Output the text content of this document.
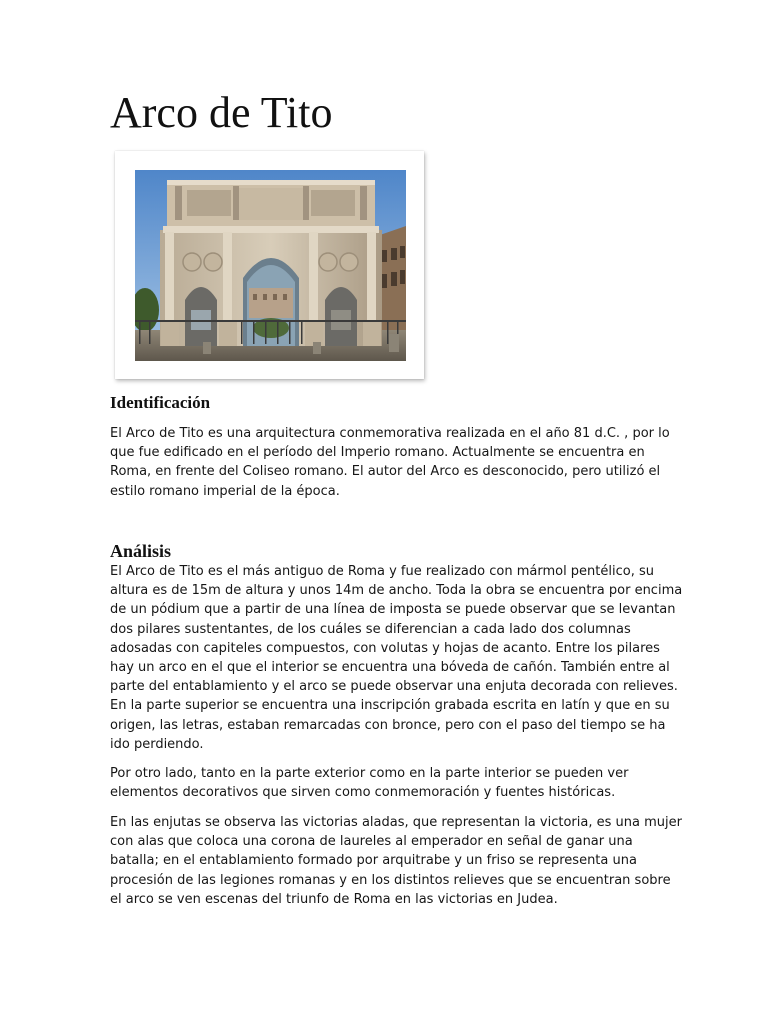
Arco de Tito
Identificación

El Arco de Tito es una arquitectura conmemorativa realizada en el año 81 d.C. , por lo
que fue edificado en el período del Imperio romano. Actualmente se encuentra en
Roma, en frente del Coliseo romano. El autor del Arco es desconocido, pero utilizó el
estilo romano imperial de la época.

Análisis

El Arco de Tito es el más antiguo de Roma y fue realizado con mármol pentélico, su
altura es de 15m de altura y unos 14m de ancho. Toda la obra se encuentra por encima
de un pódium que a partir de una línea de imposta se puede observar que se levantan
dos pilares sustentantes, de los cuáles se diferencian a cada lado dos columnas
adosadas con capiteles compuestos, con volutas y hojas de acanto. Entre los pilares
hay un arco en el que el interior se encuentra una bóveda de cañón. También entre al
parte del entablamiento y el arco se puede observar una enjuta decorada con relieves.
En la parte superior se encuentra una inscripción grabada escrita en latín y que en su
origen, las letras, estaban remarcadas con bronce, pero con el paso del tiempo se ha
ido perdiendo.

Por otro lado, tanto en la parte exterior como en la parte interior se pueden ver
elementos decorativos que sirven como conmemoración y fuentes históricas.

En las enjutas se observa las victorias aladas, que representan la victoria, es una mujer
con alas que coloca una corona de laureles al emperador en señal de ganar una
batalla; en el entablamiento formado por arquitrabe y un friso se representa una
procesión de las legiones romanas y en los distintos relieves que se encuentran sobre
el arco se ven escenas del triunfo de Roma en las victorias en Judea.
